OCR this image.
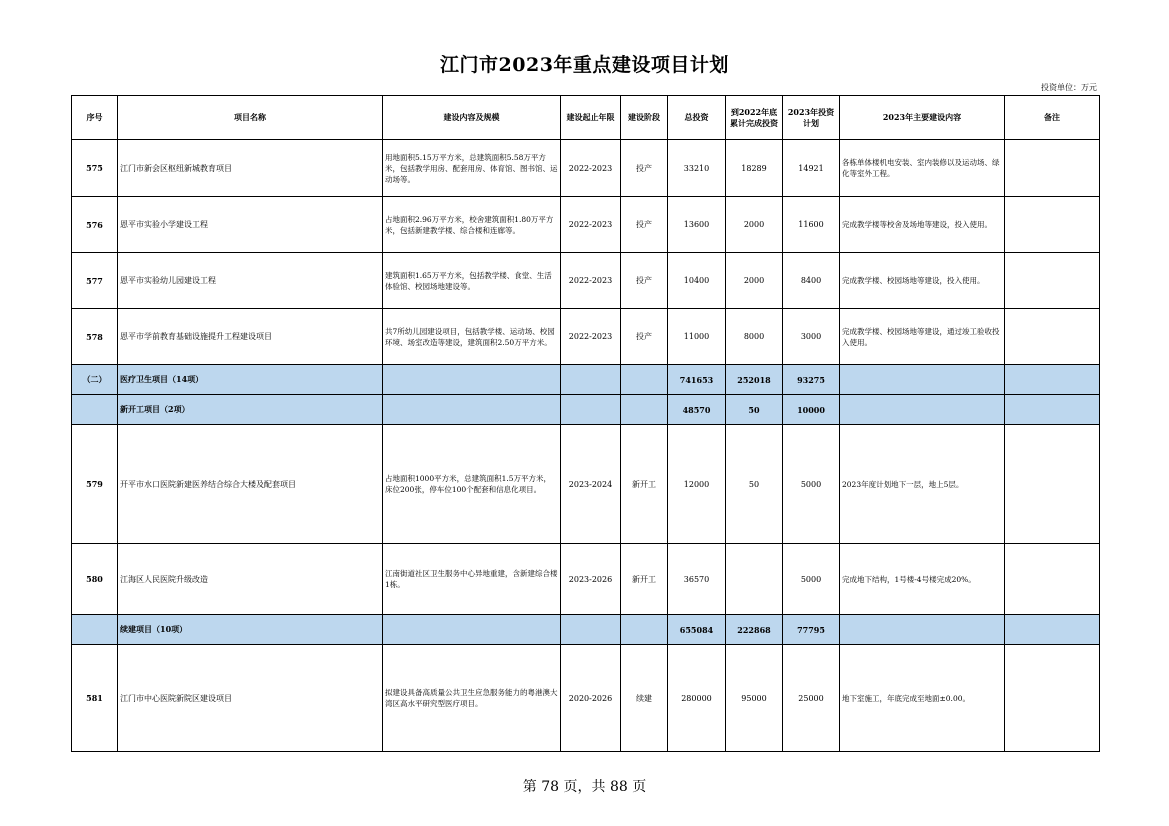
江门市2023年重点建设项目计划
投资单位：万元
序号	项目名称	建设内容及规模	建设起止年限	建设阶段	总投资	到2022年底累计完成投资	2023年投资计划	2023年主要建设内容	备注
575	江门市新会区枢纽新城教育项目	用地面积5.15万平方米，总建筑面积5.58万平方米，包括教学用房、配套用房、体育馆、图书馆、运动场等。	2022-2023	投产	33210	18289	14921	各栋单体楼机电安装、室内装修以及运动场、绿化等室外工程。	
576	恩平市实验小学建设工程	占地面积2.96万平方米，校舍建筑面积1.80万平方米，包括新建教学楼、综合楼和连廊等。	2022-2023	投产	13600	2000	11600	完成教学楼等校舍及场地等建设，投入使用。	
577	恩平市实验幼儿园建设工程	建筑面积1.65万平方米，包括教学楼、食堂、生活体验馆、校园场地建设等。	2022-2023	投产	10400	2000	8400	完成教学楼、校园场地等建设，投入使用。	
578	恩平市学前教育基础设施提升工程建设项目	共7所幼儿园建设项目，包括教学楼、运动场、校园环境、场室改造等建设，建筑面积2.50万平方米。	2022-2023	投产	11000	8000	3000	完成教学楼、校园场地等建设，通过竣工验收投入使用。	
（二）	医疗卫生项目（14项）				741653	252018	93275		
	新开工项目（2项）				48570	50	10000		
579	开平市水口医院新建医养结合综合大楼及配套项目	占地面积1000平方米，总建筑面积1.5万平方米，床位200张，停车位100个配套和信息化项目。	2023-2024	新开工	12000	50	5000	2023年度计划地下一层，地上5层。	
580	江海区人民医院升级改造	江南街道社区卫生服务中心异地重建，含新建综合楼1栋。	2023-2026	新开工	36570		5000	完成地下结构，1号楼-4号楼完成20%。	
	续建项目（10项）				655084	222868	77795		
581	江门市中心医院新院区建设项目	拟建设具备高质量公共卫生应急服务能力的粤港澳大湾区高水平研究型医疗项目。	2020-2026	续建	280000	95000	25000	地下室施工，年底完成至地面±0.00。	
第 78 页，共 88 页
